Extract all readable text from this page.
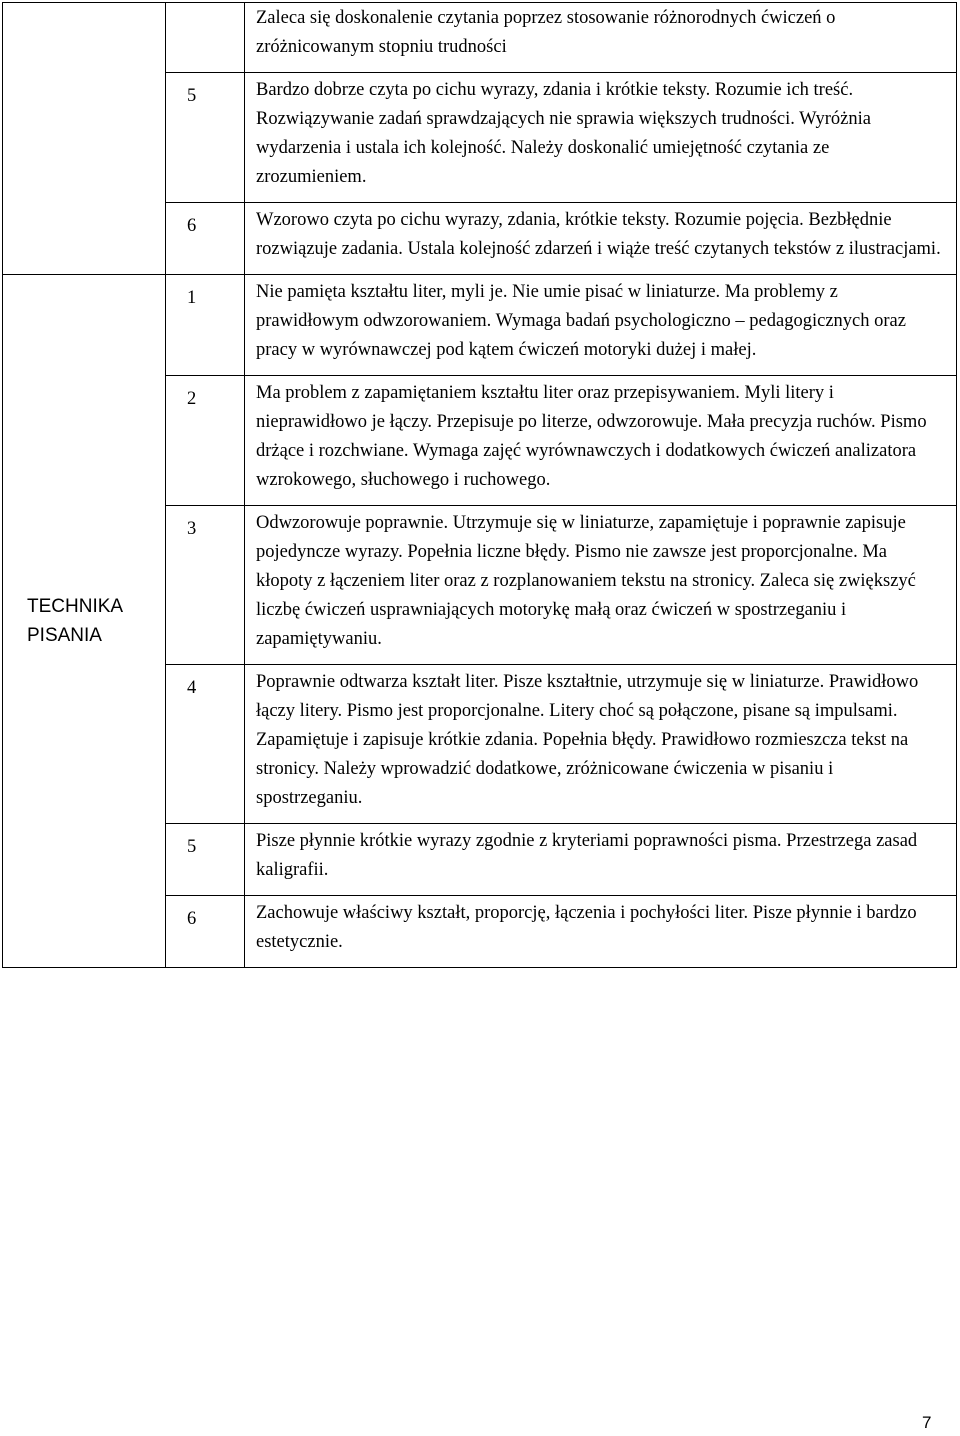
		Zaleca się doskonalenie czytania poprzez stosowanie różnorodnych ćwiczeń o zróżnicowanym stopniu trudności
	5	Bardzo dobrze czyta po cichu wyrazy, zdania i krótkie teksty. Rozumie ich treść. Rozwiązywanie zadań sprawdzających nie sprawia większych trudności. Wyróżnia wydarzenia i ustala ich kolejność. Należy doskonalić umiejętność czytania ze zrozumieniem.
	6	Wzorowo czyta po cichu wyrazy, zdania, krótkie teksty. Rozumie pojęcia. Bezbłędnie rozwiązuje zadania. Ustala kolejność zdarzeń i wiąże treść czytanych tekstów z ilustracjami.

TECHNIKA
PISANIA	1	Nie pamięta kształtu liter, myli je. Nie umie pisać w liniaturze. Ma problemy z prawidłowym odwzorowaniem. Wymaga badań psychologiczno – pedagogicznych oraz pracy w wyrównawczej pod kątem ćwiczeń motoryki dużej i małej.
	2	Ma problem z zapamiętaniem kształtu liter oraz przepisywaniem. Myli litery i nieprawidłowo je łączy. Przepisuje po literze, odwzorowuje. Mała precyzja ruchów. Pismo drżące i rozchwiane. Wymaga zajęć wyrównawczych i dodatkowych ćwiczeń analizatora wzrokowego, słuchowego i ruchowego.
	3	Odwzorowuje poprawnie. Utrzymuje się w liniaturze, zapamiętuje i poprawnie zapisuje pojedyncze wyrazy. Popełnia liczne błędy. Pismo nie zawsze jest proporcjonalne. Ma kłopoty z łączeniem liter oraz z rozplanowaniem tekstu na stronicy. Zaleca się zwiększyć liczbę ćwiczeń usprawniających motorykę małą oraz ćwiczeń w spostrzeganiu i zapamiętywaniu.
	4	Poprawnie odtwarza kształt liter. Pisze kształtnie, utrzymuje się w liniaturze. Prawidłowo łączy litery. Pismo jest proporcjonalne. Litery choć są połączone, pisane są impulsami. Zapamiętuje i zapisuje krótkie zdania. Popełnia błędy. Prawidłowo rozmieszcza tekst na stronicy. Należy wprowadzić dodatkowe, zróżnicowane ćwiczenia w pisaniu i spostrzeganiu.
	5	Pisze płynnie krótkie wyrazy zgodnie z kryteriami poprawności pisma. Przestrzega zasad kaligrafii.
	6	Zachowuje właściwy kształt, proporcję, łączenia i pochyłości liter. Pisze płynnie i bardzo estetycznie.
7
